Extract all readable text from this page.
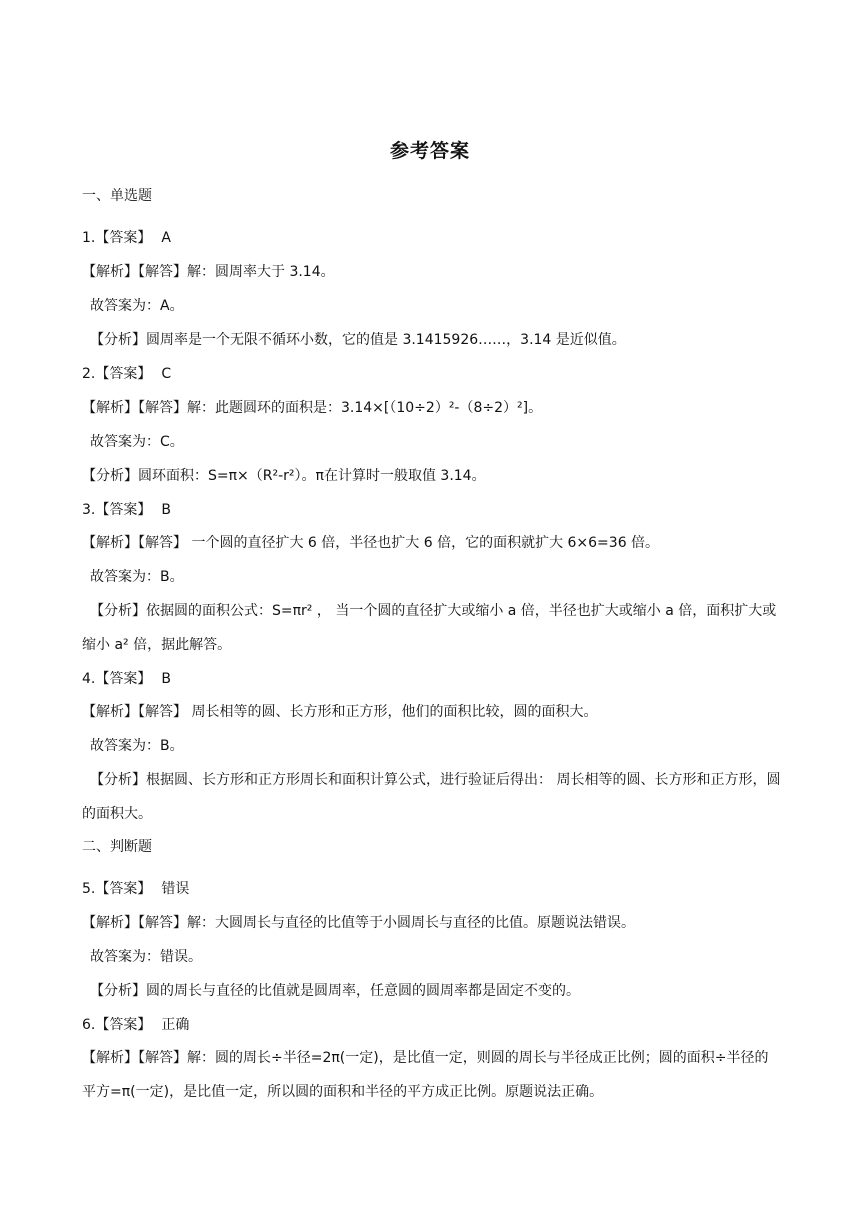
参考答案
一、单选题
1.【答案】 A
【解析】【解答】解：圆周率大于 3.14。
故答案为：A。
【分析】圆周率是一个无限不循环小数，它的值是 3.1415926……，3.14 是近似值。
2.【答案】 C
【解析】【解答】解：此题圆环的面积是：3.14×[（10÷2）²-（8÷2）²]。
故答案为：C。
【分析】圆环面积：S=π×（R²-r²）。π在计算时一般取值 3.14。
3.【答案】 B
【解析】【解答】 一个圆的直径扩大 6 倍，半径也扩大 6 倍，它的面积就扩大 6×6=36 倍。
故答案为：B。
【分析】依据圆的面积公式：S=πr² ， 当一个圆的直径扩大或缩小 a 倍，半径也扩大或缩小 a 倍，面积扩大或缩小 a² 倍，据此解答。
4.【答案】 B
【解析】【解答】 周长相等的圆、长方形和正方形，他们的面积比较，圆的面积大。
故答案为：B。
【分析】根据圆、长方形和正方形周长和面积计算公式，进行验证后得出： 周长相等的圆、长方形和正方形，圆的面积大。
二、判断题
5.【答案】 错误
【解析】【解答】解：大圆周长与直径的比值等于小圆周长与直径的比值。原题说法错误。
故答案为：错误。
【分析】圆的周长与直径的比值就是圆周率，任意圆的圆周率都是固定不变的。
6.【答案】 正确
【解析】【解答】解：圆的周长÷半径=2π(一定)，是比值一定，则圆的周长与半径成正比例；圆的面积÷半径的平方=π(一定)，是比值一定，所以圆的面积和半径的平方成正比例。原题说法正确。
